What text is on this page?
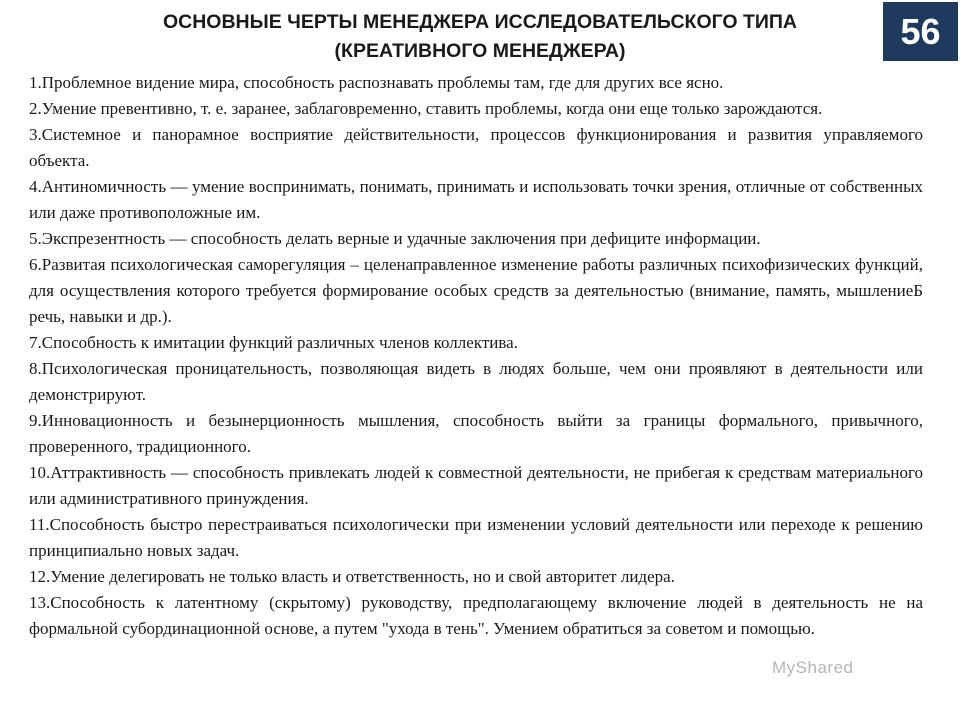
ОСНОВНЫЕ ЧЕРТЫ МЕНЕДЖЕРА ИССЛЕДОВАТЕЛЬСКОГО ТИПА
(КРЕАТИВНОГО МЕНЕДЖЕРА)	56

1.Проблемное видение мира, способность распознавать проблемы там, где для других все ясно.

2.Умение превентивно, т. е. заранее, заблаговременно, ставить проблемы, когда они еще только зарождаются.

3.Системное и панорамное восприятие действительности, процессов функционирования и развития управляемого объекта.

4.Антиномичность — умение воспринимать, понимать, принимать и использовать точки зрения, отличные от собственных или даже противоположные им.

5.Экспрезентность — способность делать верные и удачные заключения при дефиците информации.

6.Развитая психологическая саморегуляция – целенаправленное изменение работы различных психофизических функций, для осуществления которого требуется формирование особых средств за деятельностью (внимание, память, мышлениеБ речь, навыки и др.).

7.Способность к имитации функций различных членов коллектива.

8.Психологическая проницательность, позволяющая видеть в людях больше, чем они проявляют в деятельности или демонстрируют.

9.Инновационность и безынерционность мышления, способность выйти за границы формального, привычного, проверенного, традиционного.

10.Аттрактивность — способность привлекать людей к совместной деятельности, не прибегая к средствам материального или административного принуждения.

11.Способность быстро перестраиваться психологически при изменении условий деятельности или переходе к решению принципиально новых задач.

12.Умение делегировать не только власть и ответственность, но и свой авторитет лидера.

13.Способность к латентному (скрытому) руководству, предполагающему включение людей в деятельность не на формальной субординационной основе, а путем "ухода в тень". Умением обратиться за советом и помощью.

MyShared
